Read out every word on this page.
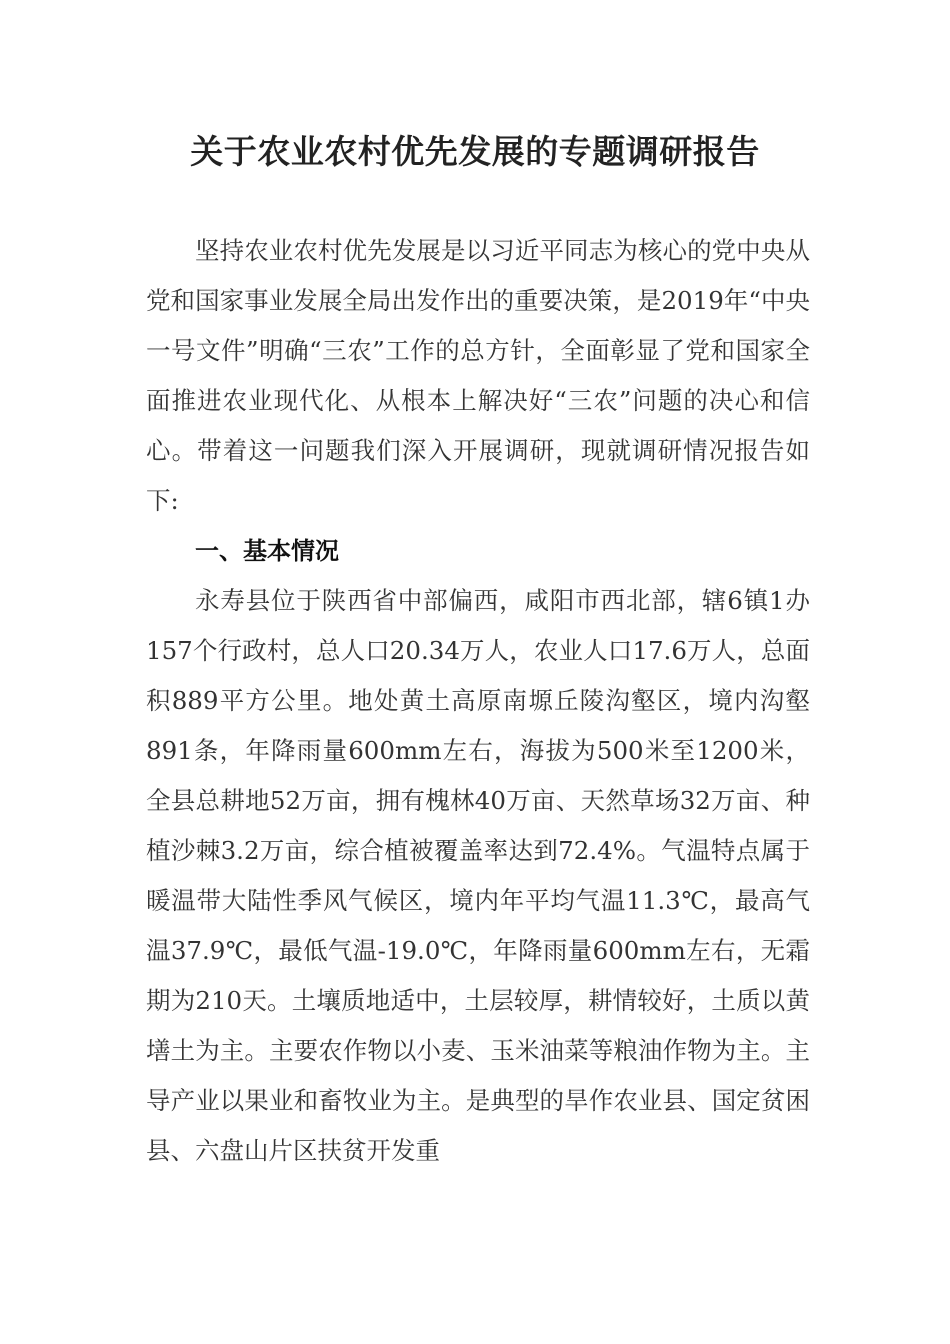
关于农业农村优先发展的专题调研报告

坚持农业农村优先发展是以习近平同志为核心的党中央从党和国家事业发展全局出发作出的重要决策，是2019年“中央一号文件”明确“三农”工作的总方针，全面彰显了党和国家全面推进农业现代化、从根本上解决好“三农”问题的决心和信心。带着这一问题我们深入开展调研，现就调研情况报告如下:

一、基本情况

永寿县位于陕西省中部偏西，咸阳市西北部，辖6镇1办157个行政村，总人口20.34万人，农业人口17.6万人，总面积889平方公里。地处黄土高原南塬丘陵沟壑区，境内沟壑891条，年降雨量600mm左右，海拔为500米至1200米，全县总耕地52万亩，拥有槐林40万亩、天然草场32万亩、种植沙棘3.2万亩，综合植被覆盖率达到72.4%。气温特点属于暖温带大陆性季风气候区，境内年平均气温11.3℃，最高气温37.9℃，最低气温-19.0℃，年降雨量600mm左右，无霜期为210天。土壤质地适中，土层较厚，耕情较好，土质以黄墡土为主。主要农作物以小麦、玉米油菜等粮油作物为主。主导产业以果业和畜牧业为主。是典型的旱作农业县、国定贫困县、六盘山片区扶贫开发重
